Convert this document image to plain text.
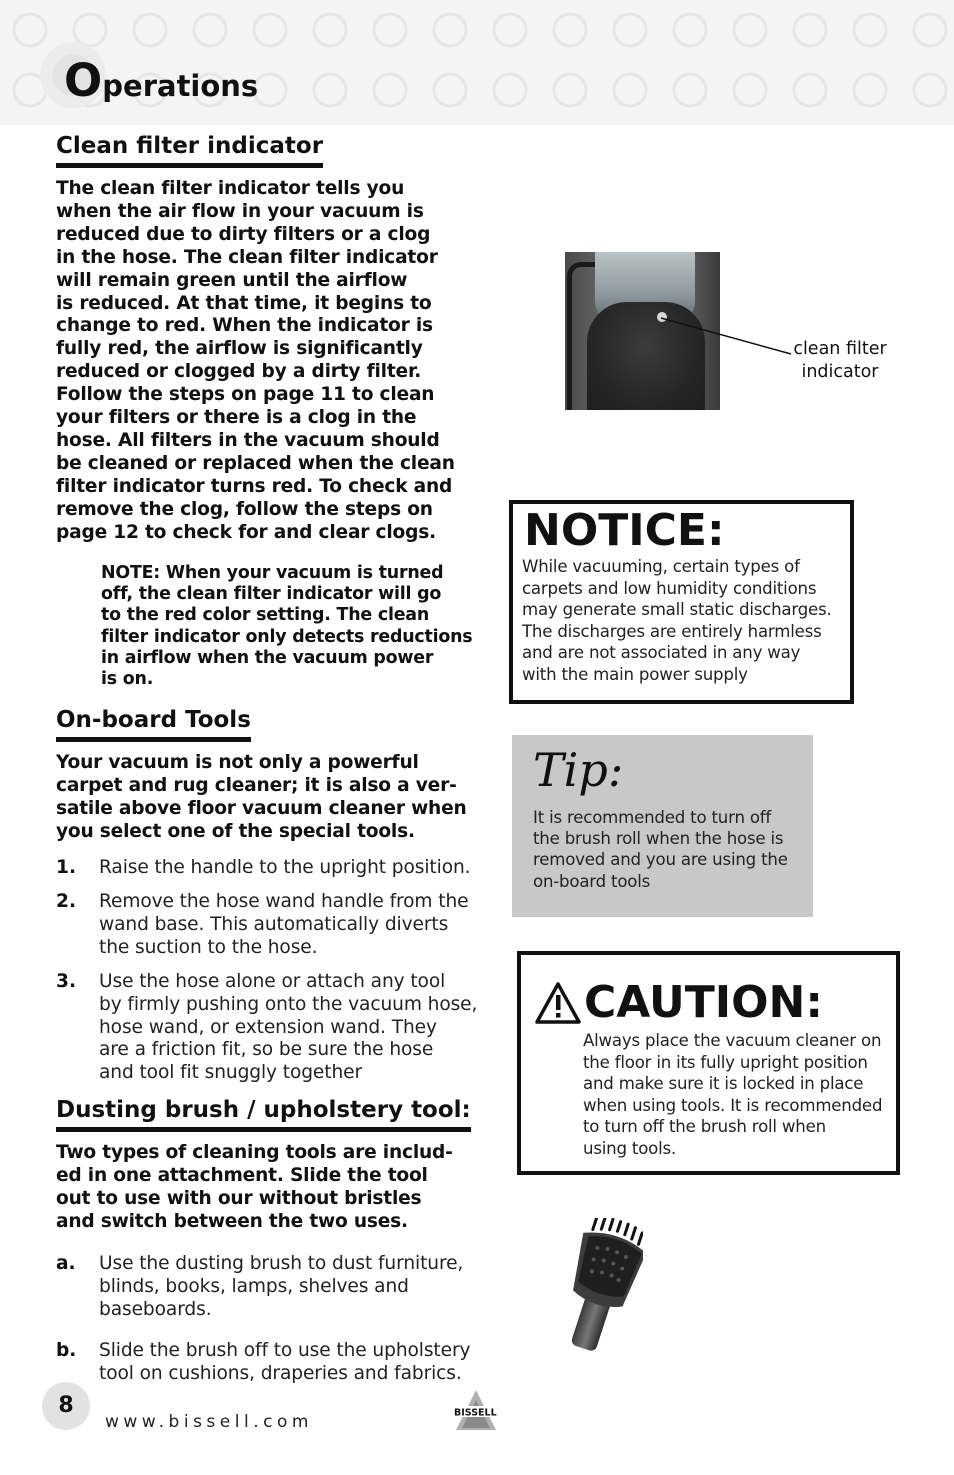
Operations
Clean filter indicator

The clean filter indicator tells you
when the air flow in your vacuum is
reduced due to dirty filters or a clog
in the hose. The clean filter indicator
will remain green until the airflow
is reduced. At that time, it begins to
change to red. When the indicator is
fully red, the airflow is significantly
reduced or clogged by a dirty filter.
Follow the steps on page 11 to clean
your filters or there is a clog in the
hose. All filters in the vacuum should
be cleaned or replaced when the clean
filter indicator turns red. To check and
remove the clog, follow the steps on
page 12 to check for and clear clogs.

NOTE: When your vacuum is turned
off, the clean filter indicator will go
to the red color setting. The clean
filter indicator only detects reductions
in airflow when the vacuum power
is on.

On-board Tools

Your vacuum is not only a powerful
carpet and rug cleaner; it is also a ver-
satile above floor vacuum cleaner when
you select one of the special tools.

1. Raise the handle to the upright position.
2. Remove the hose wand handle from the
wand base. This automatically diverts
the suction to the hose.
3. Use the hose alone or attach any tool
by firmly pushing onto the vacuum hose,
hose wand, or extension wand. They
are a friction fit, so be sure the hose
and tool fit snuggly together
Dusting brush / upholstery tool:

Two types of cleaning tools are includ-
ed in one attachment. Slide the tool
out to use with our without bristles
and switch between the two uses.

a. Use the dusting brush to dust furniture,
blinds, books, lamps, shelves and
baseboards.
b. Slide the brush off to use the upholstery
tool on cushions, draperies and fabrics.
clean filter
indicator
NOTICE:
While vacuuming, certain types of
carpets and low humidity conditions
may generate small static discharges.
The discharges are entirely harmless
and are not associated in any way
with the main power supply
Tip:
It is recommended to turn off
the brush roll when the hose is
removed and you are using the
on-board tools
CAUTION:
Always place the vacuum cleaner on
the floor in its fully upright position
and make sure it is locked in place
when using tools. It is recommended
to turn off the brush roll when
using tools.
8
www.bissell.com	BISSELL
